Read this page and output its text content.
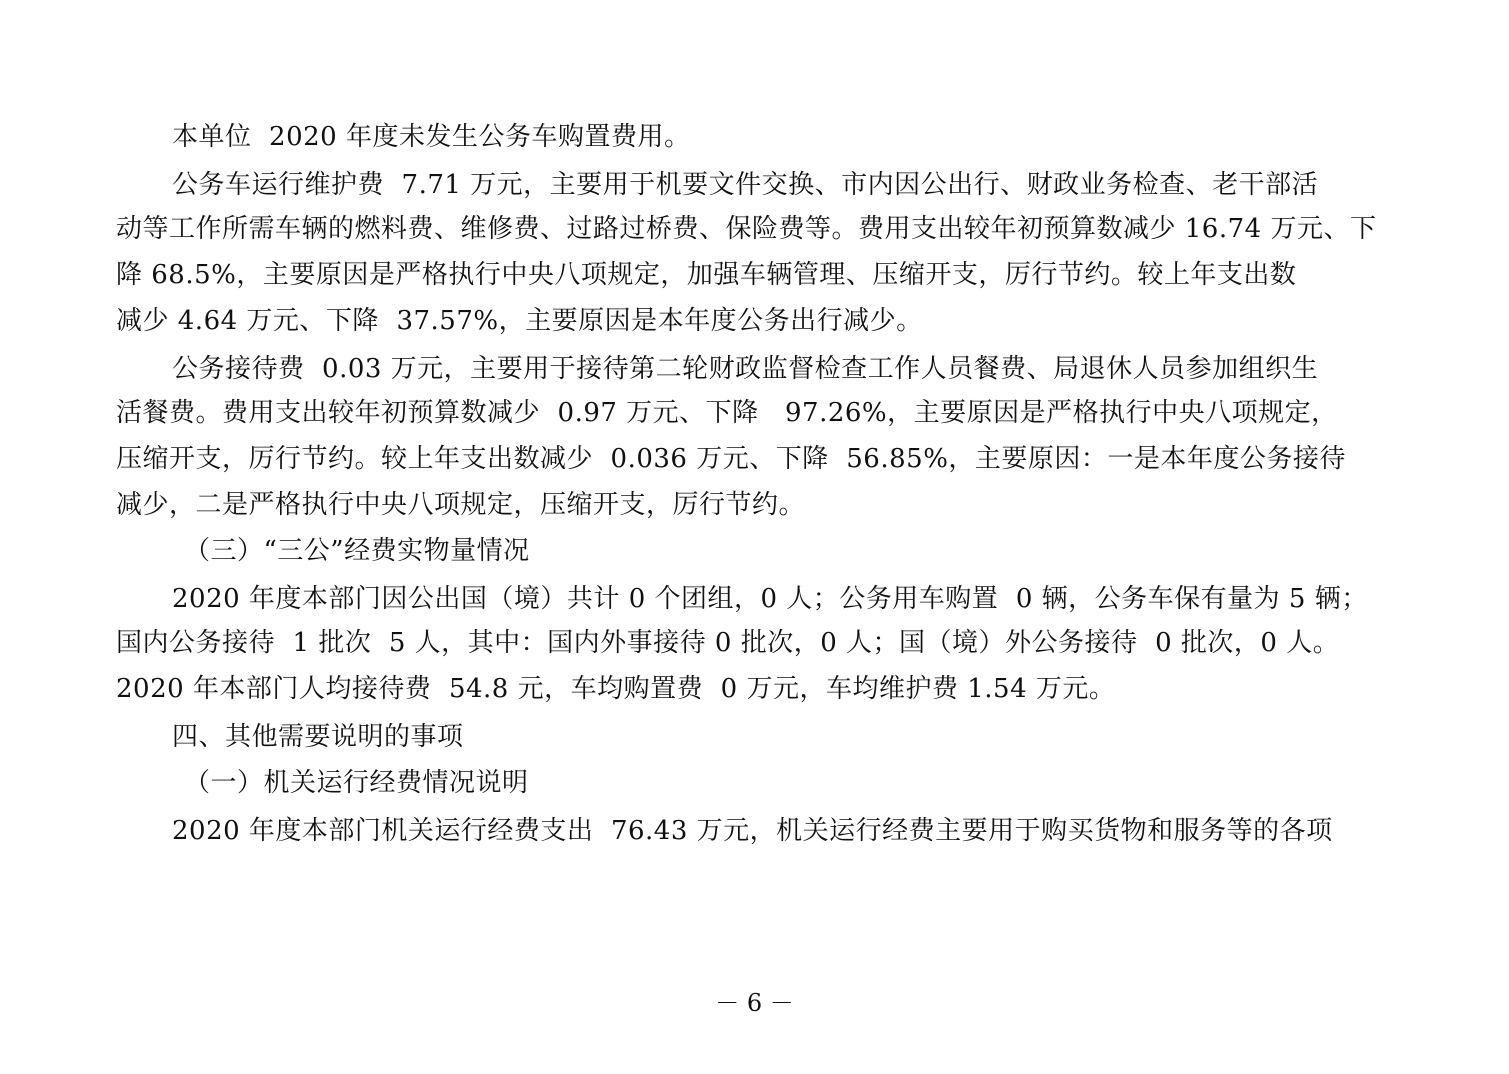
本单位  2020 年度未发生公务车购置费用。
公务车运行维护费  7.71 万元，主要用于机要文件交换、市内因公出行、财政业务检查、老干部活
动等工作所需车辆的燃料费、维修费、过路过桥费、保险费等。费用支出较年初预算数减少 16.74 万元、下
降 68.5%，主要原因是严格执行中央八项规定，加强车辆管理、压缩开支，厉行节约。较上年支出数
减少 4.64 万元、下降  37.57%，主要原因是本年度公务出行减少。
公务接待费  0.03 万元，主要用于接待第二轮财政监督检查工作人员餐费、局退休人员参加组织生
活餐费。费用支出较年初预算数减少  0.97 万元、下降   97.26%，主要原因是严格执行中央八项规定，
压缩开支，厉行节约。较上年支出数减少  0.036 万元、下降  56.85%，主要原因：一是本年度公务接待
减少，二是严格执行中央八项规定，压缩开支，厉行节约。
（三）“三公”经费实物量情况
2020 年度本部门因公出国（境）共计 0 个团组，0 人；公务用车购置  0 辆，公务车保有量为 5 辆；
国内公务接待  1 批次  5 人，其中：国内外事接待 0 批次，0 人；国（境）外公务接待  0 批次，0 人。
2020 年本部门人均接待费  54.8 元，车均购置费  0 万元，车均维护费 1.54 万元。
四、其他需要说明的事项
（一）机关运行经费情况说明
2020 年度本部门机关运行经费支出  76.43 万元，机关运行经费主要用于购买货物和服务等的各项
－ 6 －
